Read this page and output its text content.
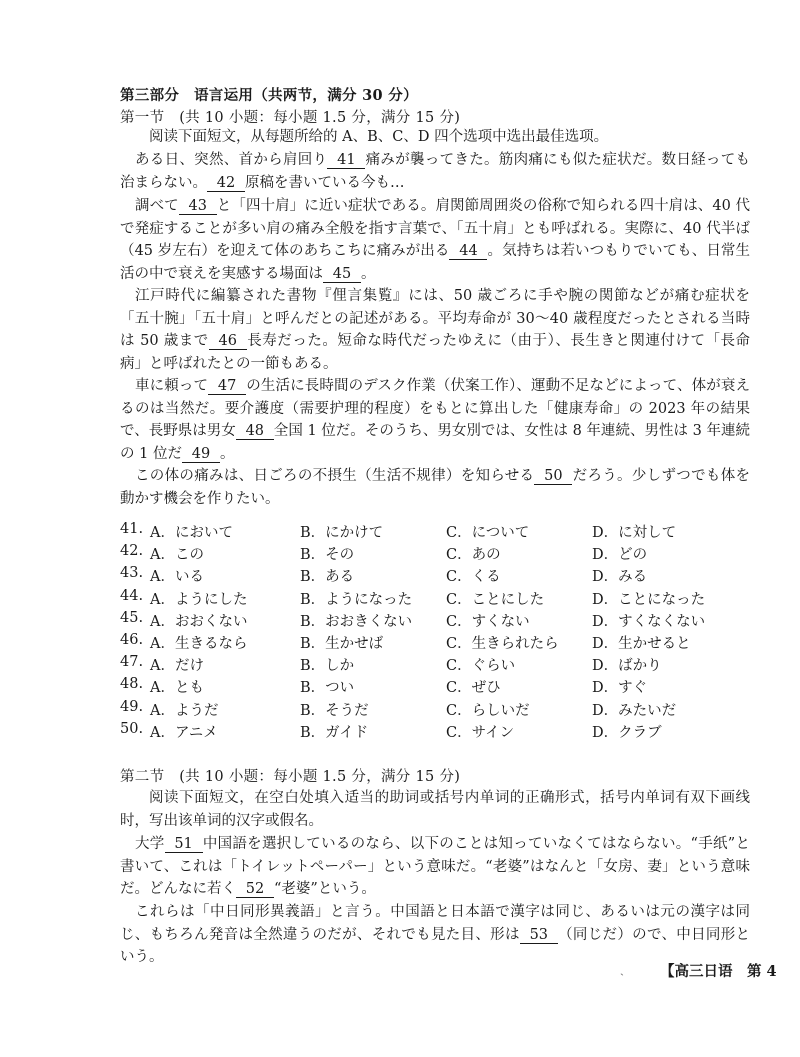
第三部分　语言运用（共两节，满分 30 分）
第一节　(共 10 小题：每小题 1.5 分，满分 15 分)

阅读下面短文，从每题所给的 A、B、C、D 四个选项中选出最佳选项。

ある日、突然、首から肩回り 41 痛みが襲ってきた。筋肉痛にも似た症状だ。数日経っても治まらない。 42 原稿を書いている今も…

調べて 43 と「四十肩」に近い症状である。肩関節周囲炎の俗称で知られる四十肩は、40 代で発症することが多い肩の痛み全般を指す言葉で、「五十肩」とも呼ばれる。実際に、40 代半ば（45 岁左右）を迎えて体のあちこちに痛みが出る 44 。気持ちは若いつもりでいても、日常生活の中で衰えを実感する場面は 45 。

江戸時代に編纂された書物『俚言集覧』には、50 歳ごろに手や腕の関節などが痛む症状を「五十腕」「五十肩」と呼んだとの記述がある。平均寿命が 30～40 歳程度だったとされる当時は 50 歳まで 46 長寿だった。短命な時代だったゆえに（由于）、長生きと関連付けて「長命病」と呼ばれたとの一節もある。

車に頼って 47 の生活に長時間のデスク作業（伏案工作）、運動不足などによって、体が衰えるのは当然だ。要介護度（需要护理的程度）をもとに算出した「健康寿命」の 2023 年の結果で、長野県は男女 48 全国 1 位だ。そのうち、男女別では、女性は 8 年連続、男性は 3 年連続の 1 位だ 49 。

この体の痛みは、日ごろの不摂生（生活不规律）を知らせる 50 だろう。少しずつでも体を動かす機会を作りたい。

41. A．において	B．にかけて	C．について	D．に対して
42. A．この	B．その	C．あの	D．どの
43. A．いる	B．ある	C．くる	D．みる
44. A．ようにした	B．ようになった C．ことにした	D．ことになった
45. A．おおくない	B．おおきくない C．すくない	D．すくなくない
46. A．生きるなら	B．生かせば	C．生きられたら D．生かせると
47. A．だけ	B．しか	C．ぐらい	D．ばかり
48. A．とも	B．つい	C．ぜひ	D．すぐ
49. A．ようだ	B．そうだ	C．らしいだ	D．みたいだ
50. A．アニメ	B．ガイド	C．サイン	D．クラブ
第二节　(共 10 小题：每小题 1.5 分，满分 15 分)

阅读下面短文，在空白处填入适当的助词或括号内单词的正确形式，括号内单词有双下画线时，写出该单词的汉字或假名。

大学 51 中国語を選択しているのなら、以下のことは知っていなくてはならない。“手纸”と書いて、これは「トイレットペーパー」という意味だ。“老婆”はなんと「女房、妻」という意味だ。どんなに若く 52 “老婆”という。

これらは「中日同形異義語」と言う。中国語と日本語で漢字は同じ、あるいは元の漢字は同じ、もちろん発音は全然違うのだが、それでも見た目、形は 53 （同じだ）ので、中日同形という。

ˏ 【高三日语　第 4
